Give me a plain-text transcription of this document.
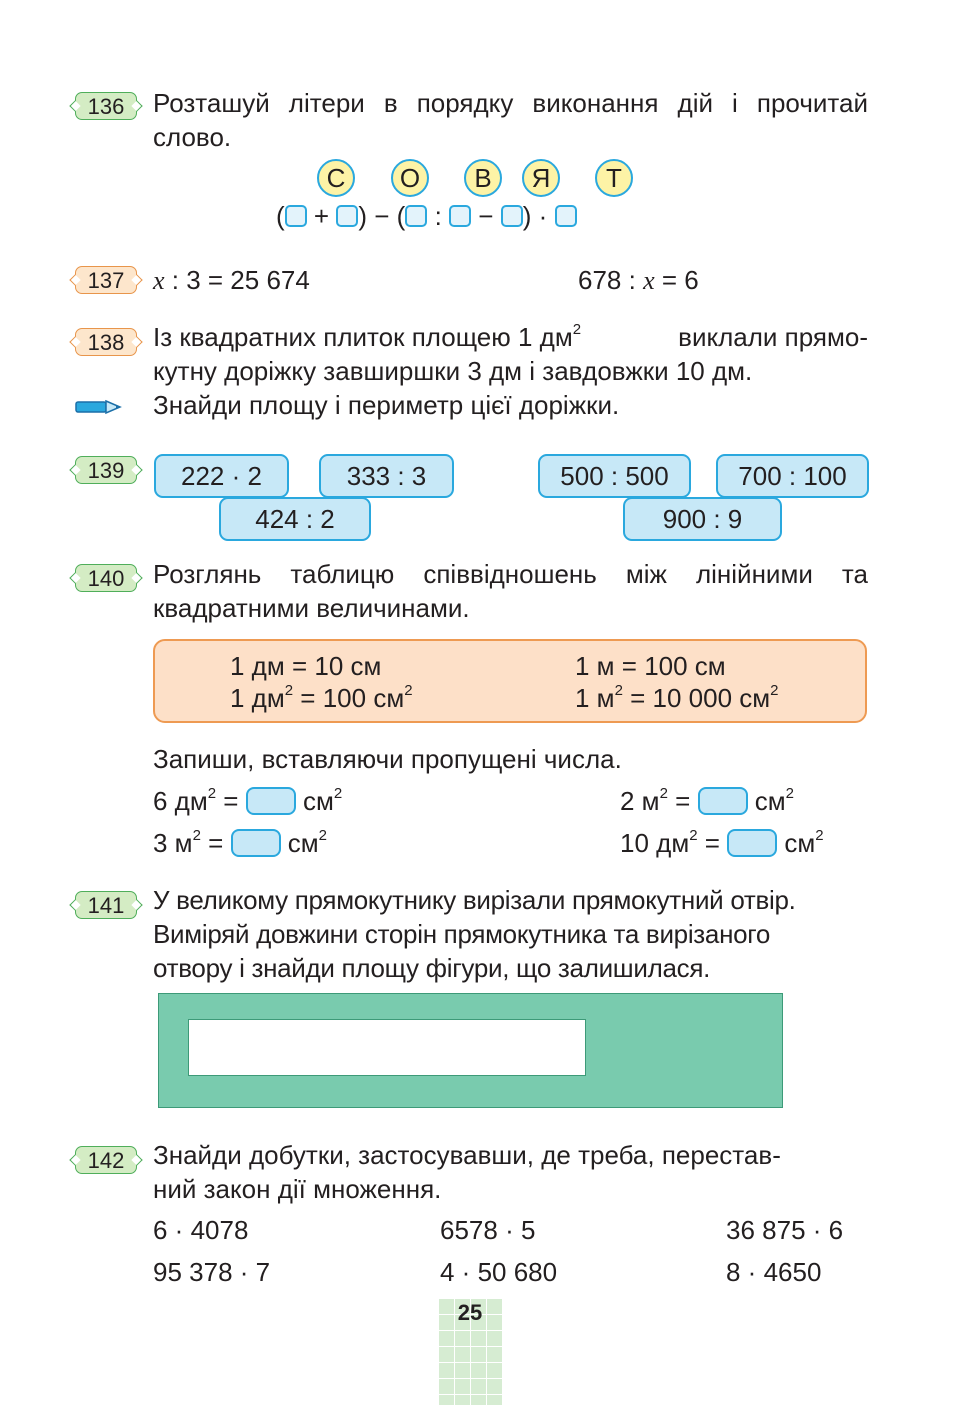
136	Розташуй літери в порядку виконання дій і прочитай слово.
С	О	В	Я	Т
( + ) − ( : − ) ·
137	x : 3 = 25 674	678 : x = 6
138	Із квадратних плиток площею 1 $дм^2$	виклали прямо-
кутну доріжку завширшки 3 дм і завдовжки 10 дм.
Знайди площу і периметр цієї доріжки.
139	222 · 2	333 : 3
424 : 2
500 : 500	700 : 100
900 : 9
140	Розглянь таблицю співвідношень між лінійними та квадратними величинами.
1 дм = 10 см	1 м = 100 см
1 $дм^2 = 100$ $см^2$	1 $м^2 = 10$ 000 $см^2$
Запиши, вставляючи пропущені числа.
6 $дм^2 = см^2$	2 $м^2 = см^2$
3 $м^2 = см^2$	10 $дм^2 = см^2$
141	У великому прямокутнику вирізали прямокутний отвір.
Виміряй довжини сторін прямокутника та вирізаного
отвору і знайди площу фігури, що залишилася.
142	Знайди добутки, застосувавши, де треба, перестав-
ний закон дії множення.
6 · 4078	6578 · 5	36 875 · 6
95 378 · 7	4 · 50 680	8 · 4650
25
